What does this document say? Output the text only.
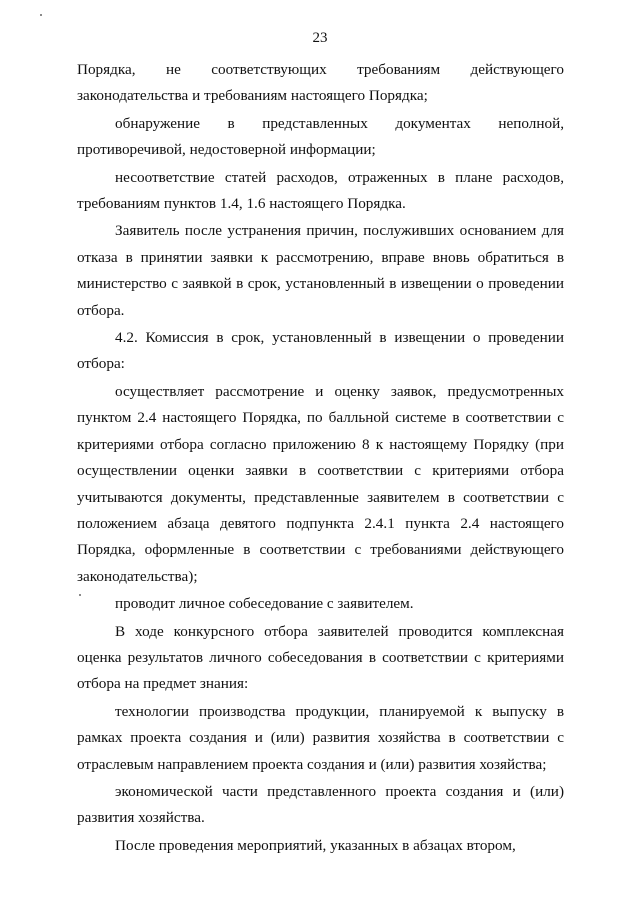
23

Порядка, не соответствующих требованиям действующего законодательства и требованиям настоящего Порядка;

обнаружение в представленных документах неполной, противоречивой, недостоверной информации;

несоответствие статей расходов, отраженных в плане расходов, требованиям пунктов 1.4, 1.6 настоящего Порядка.

Заявитель после устранения причин, послуживших основанием для отказа в принятии заявки к рассмотрению, вправе вновь обратиться в министерство с заявкой в срок, установленный в извещении о проведении отбора.

4.2. Комиссия в срок, установленный в извещении о проведении отбора:

осуществляет рассмотрение и оценку заявок, предусмотренных пунктом 2.4 настоящего Порядка, по балльной системе в соответствии с критериями отбора согласно приложению 8 к настоящему Порядку (при осуществлении оценки заявки в соответствии с критериями отбора учитываются документы, представленные заявителем в соответствии с положением абзаца девятого подпункта 2.4.1 пункта 2.4 настоящего Порядка, оформленные в соответствии с требованиями действующего законодательства);

проводит личное собеседование с заявителем.

В ходе конкурсного отбора заявителей проводится комплексная оценка результатов личного собеседования в соответствии с критериями отбора на предмет знания:

технологии производства продукции, планируемой к выпуску в рамках проекта создания и (или) развития хозяйства в соответствии с отраслевым направлением проекта создания и (или) развития хозяйства;

экономической части представленного проекта создания и (или) развития хозяйства.

После проведения мероприятий, указанных в абзацах втором,
